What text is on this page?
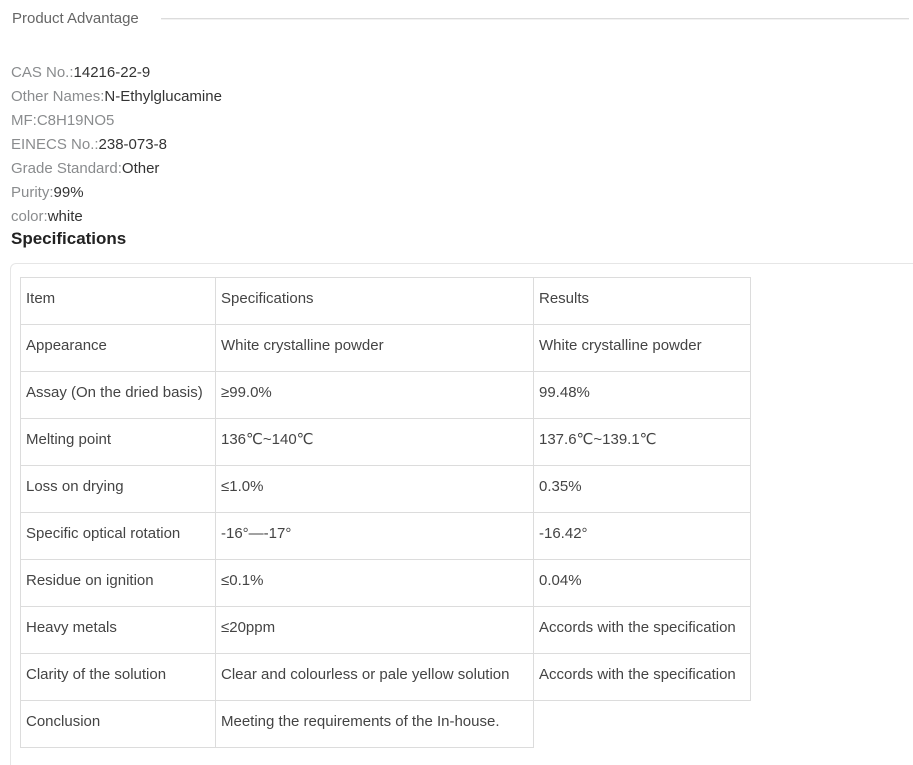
Product Advantage
CAS No.:14216-22-9
Other Names:N-Ethylglucamine
MF:C8H19NO5
EINECS No.:238-073-8
Grade Standard:Other
Purity:99%
color:white
Specifications
Item	Specifications	Results
Appearance	White crystalline powder	White crystalline powder
Assay (On the dried basis)	≥99.0%	99.48%
Melting point	136℃~140℃	137.6℃~139.1℃
Loss on drying	≤1.0%	0.35%
Specific optical rotation	-16°—-17°	-16.42°
Residue on ignition	≤0.1%	0.04%
Heavy metals	≤20ppm	Accords with the specification
Clarity of the solution	Clear and colourless or pale yellow solution	Accords with the specification
Conclusion	Meeting the requirements of the In-house.	
